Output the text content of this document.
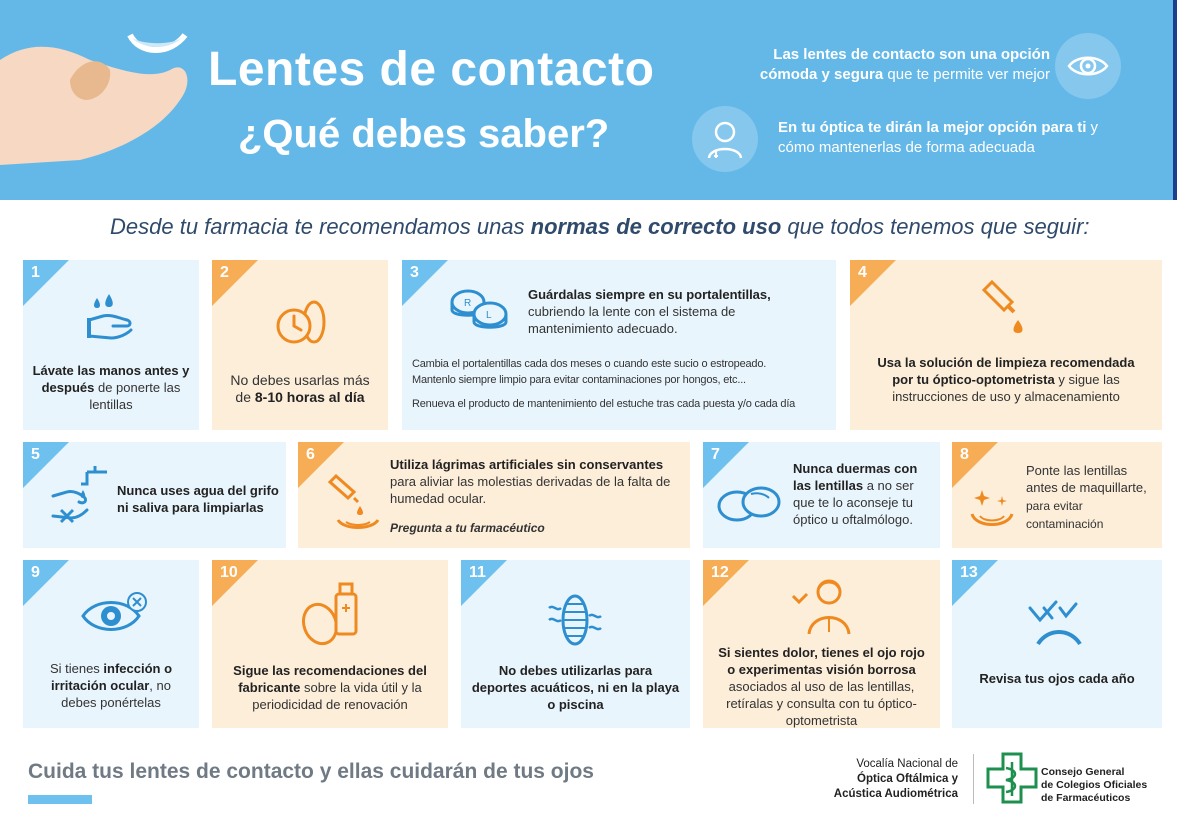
Lentes de contacto
¿Qué debes saber?
Las lentes de contacto son una opción cómoda y segura que te permite ver mejor
En tu óptica te dirán la mejor opción para ti y cómo mantenerlas de forma adecuada
Desde tu farmacia te recomendamos unas normas de correcto uso que todos tenemos que seguir:
1
Lávate las manos antes y después de ponerte las lentillas
2
No debes usarlas más de 8-10 horas al día
3
R
L
Guárdalas siempre en su portalentillas, cubriendo la lente con el sistema de mantenimiento adecuado.
Cambia el portalentillas cada dos meses o cuando este sucio o estropeado.
Mantenlo siempre limpio para evitar contaminaciones por hongos, etc...
Renueva el producto de mantenimiento del estuche tras cada puesta y/o cada día
4
Usa la solución de limpieza recomendada por tu óptico-optometrista y sigue las instrucciones de uso y almacenamiento
5
Nunca uses agua del grifo ni saliva para limpiarlas
6
Utiliza lágrimas artificiales sin conservantes para aliviar las molestias derivadas de la falta de humedad ocular.
Pregunta a tu farmacéutico
7
Nunca duermas con las lentillas a no ser que te lo aconseje tu óptico u oftalmólogo.
8
Ponte las lentillas antes de maquillarte, para evitar contaminación
9
Si tienes infección o irritación ocular, no debes ponértelas
10
Sigue las recomendaciones del fabricante sobre la vida útil y la periodicidad de renovación
11
No debes utilizarlas para deportes acuáticos, ni en la playa o piscina
12
Si sientes dolor, tienes el ojo rojo o experimentas visión borrosa asociados al uso de las lentillas, retíralas y consulta con tu óptico-optometrista
13
Revisa tus ojos cada año
Cuida tus lentes de contacto y ellas cuidarán de tus ojos	Vocalía Nacional de
Óptica Oftálmica y
Acústica Audiométrica
Consejo General
de Colegios Oficiales
de Farmacéuticos
